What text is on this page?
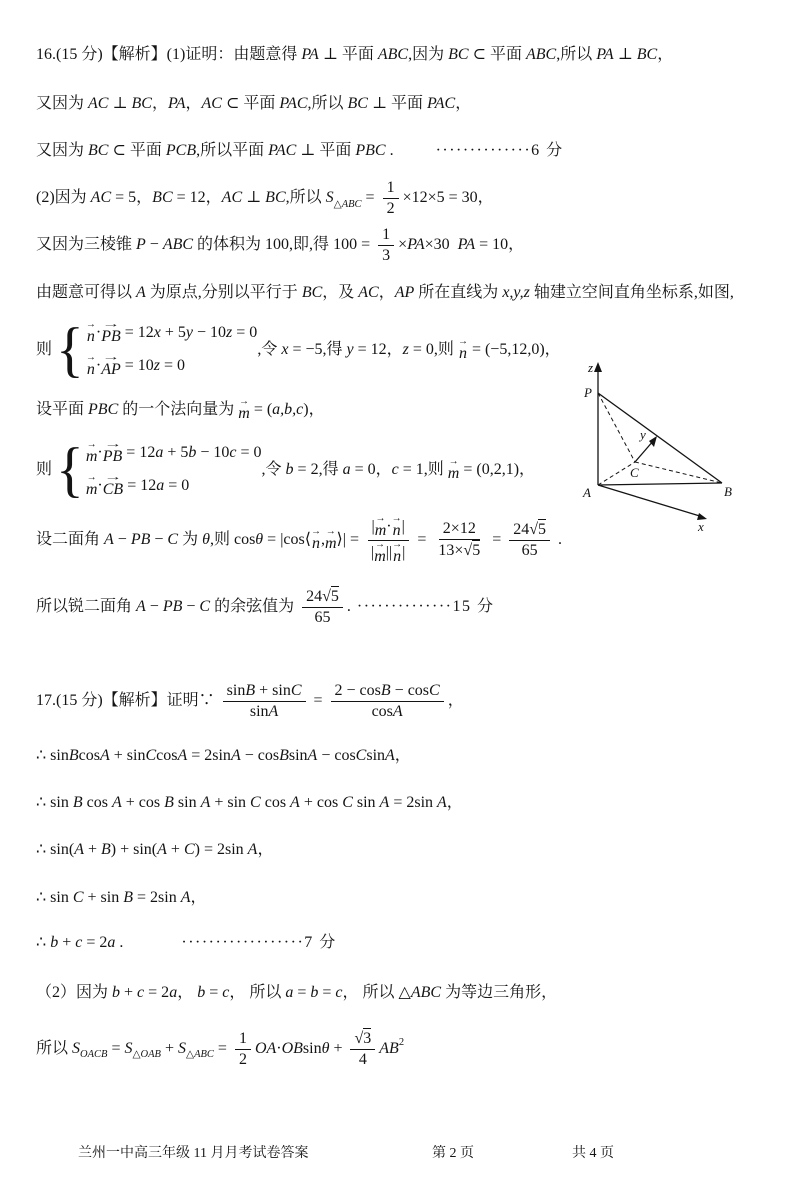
16.(15 分)【解析】(1)证明：由题意得 PA ⊥ 平面 ABC ,因为 BC ⊂ 平面 ABC ,所以 PA ⊥ BC ，
又因为 AC ⊥ BC ， PA ， AC ⊂ 平面 PAC ,所以 BC ⊥ 平面 PAC ，
又因为 BC ⊂ 平面 PCB ,所以平面 PAC ⊥ 平面 PBC .	··············6 分
(2)因为 AC = 5 ， BC = 12 ， AC ⊥ BC ,所以 S △ABC = $\frac{1}{2} \times 12\times 5 = 30$ ，
又因为三棱锥 P − ABC 的体积为 100,即,得 $100 = \frac{1}{3}$ × PA ×30 PA = 10 ，
由题意可得以 A 为原点,分别以平行于 BC ，及 AC ， AP 所在直线为 x,y,z 轴建立空间直角坐标系,如图,
则 { →
n · →
PB = 12 x + 5 y − 10 z = 0
→
n · →
AP = 10 z = 0
,令 x = −5 ,得 y = 12 ， z = 0 ,则 →
n = (−5,12,0) ，
设平面 PBC 的一个法向量为 →
m = ( a,b,c ) ，
则 { →
m · →
PB = 12 a + 5 b − 10 c = 0
→
m · →
CB = 12 a = 0
,令 b = 2 ,得 a = 0 ， c = 1 ,则 →
m = (0,2,1) ，
设二面角 A − PB − C 为 θ ,则 cos θ = |cos⟨ →
n , →
m ⟩| = | →
m · →
n |
| →
m || →
n | = $\frac{2\times 12}{13\times√ 5} = \frac{24√ 5}{65}$ .
所以锐二面角 A − PB − C 的余弦值为 $\frac{24√ 5}{65}$ . ··············15 分
17.(15 分)【解析】证明∵ $\frac{\text{sin B + sin C}}{\text{sin A}} = \frac{\text{2 − cos B − cos C}}{\text{cos A}}$ ，
∴ sin B cos A + sin C cos A = 2sin A − cos B sin A − cos C sin A ，
∴ sin B cos A + cos B sin A + sin C cos A + cos C sin A = 2sin A ，
∴ sin( A + B ) + sin( A + C ) = 2sin A ，
∴ sin C + sin B = 2sin A ，
∴ b + c = 2 a .	··················7 分
（2）因为 b + c = 2 a ， b = c ， 所以 a = b = c ， 所以 △ ABC 为等边三角形，
所以 S OACB = S △OAB + S △ABC = $\frac{1}{2}$ OA · OB $\sin \theta + \frac{√ 3}{4}$ AB 2
z
P
y
C
A	B
x
兰州一中高三年级 11 月月考试卷答案	第 2 页	共 4 页
